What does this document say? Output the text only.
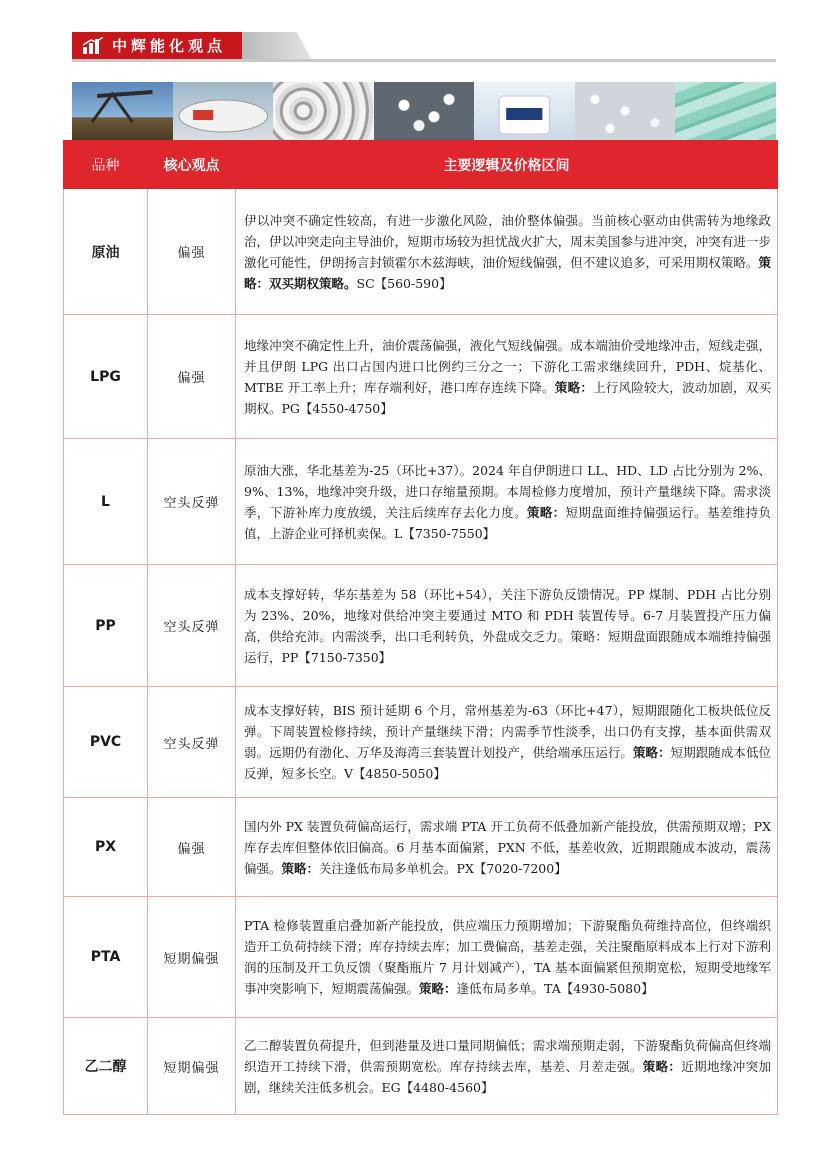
中辉能化观点
品种	核心观点	主要逻辑及价格区间
原油	偏强	伊以冲突不确定性较高，有进一步激化风险，油价整体偏强。当前核心驱动由供需转为地缘政治，伊以冲突走向主导油价，短期市场较为担忧战火扩大，周末美国参与进冲突，冲突有进一步激化可能性，伊朗扬言封锁霍尔木兹海峡，油价短线偏强，但不建议追多，可采用期权策略。策略：双买期权策略。SC【560-590】
LPG	偏强	地缘冲突不确定性上升，油价震荡偏强，液化气短线偏强。成本端油价受地缘冲击，短线走强，并且伊朗 LPG 出口占国内进口比例约三分之一；下游化工需求继续回升，PDH、烷基化、MTBE 开工率上升；库存端利好，港口库存连续下降。策略：上行风险较大，波动加剧，双买期权。PG【4550-4750】
L	空头反弹	原油大涨，华北基差为-25（环比+37）。2024 年自伊朗进口 LL、HD、LD 占比分别为 2%、9%、13%，地缘冲突升级，进口存缩量预期。本周检修力度增加，预计产量继续下降。需求淡季，下游补库力度放缓，关注后续库存去化力度。策略：短期盘面维持偏强运行。基差维持负值，上游企业可择机卖保。L【7350-7550】
PP	空头反弹	成本支撑好转，华东基差为 58（环比+54），关注下游负反馈情况。PP 煤制、PDH 占比分别为 23%、20%，地缘对供给冲突主要通过 MTO 和 PDH 装置传导。6-7 月装置投产压力偏高，供给充沛。内需淡季，出口毛利转负，外盘成交乏力。策略：短期盘面跟随成本端维持偏强运行，PP【7150-7350】
PVC	空头反弹	成本支撑好转，BIS 预计延期 6 个月，常州基差为-63（环比+47），短期跟随化工板块低位反弹。下周装置检修持续，预计产量继续下滑；内需季节性淡季，出口仍有支撑，基本面供需双弱。远期仍有渤化、万华及海湾三套装置计划投产，供给端承压运行。策略：短期跟随成本低位反弹，短多长空。V【4850-5050】
PX	偏强	国内外 PX 装置负荷偏高运行，需求端 PTA 开工负荷不低叠加新产能投放，供需预期双增；PX 库存去库但整体依旧偏高。6 月基本面偏紧，PXN 不低，基差收敛，近期跟随成本波动，震荡偏强。策略：关注逢低布局多单机会。PX【7020-7200】
PTA	短期偏强	PTA 检修装置重启叠加新产能投放，供应端压力预期增加；下游聚酯负荷维持高位，但终端织造开工负荷持续下滑；库存持续去库；加工费偏高，基差走强，关注聚酯原料成本上行对下游利润的压制及开工负反馈（聚酯瓶片 7 月计划减产），TA 基本面偏紧但预期宽松，短期受地缘军事冲突影响下，短期震荡偏强。策略：逢低布局多单。TA【4930-5080】
乙二醇	短期偏强	乙二醇装置负荷提升，但到港量及进口量同期偏低；需求端预期走弱，下游聚酯负荷偏高但终端织造开工持续下滑，供需预期宽松。库存持续去库，基差、月差走强。策略：近期地缘冲突加剧，继续关注低多机会。EG【4480-4560】
